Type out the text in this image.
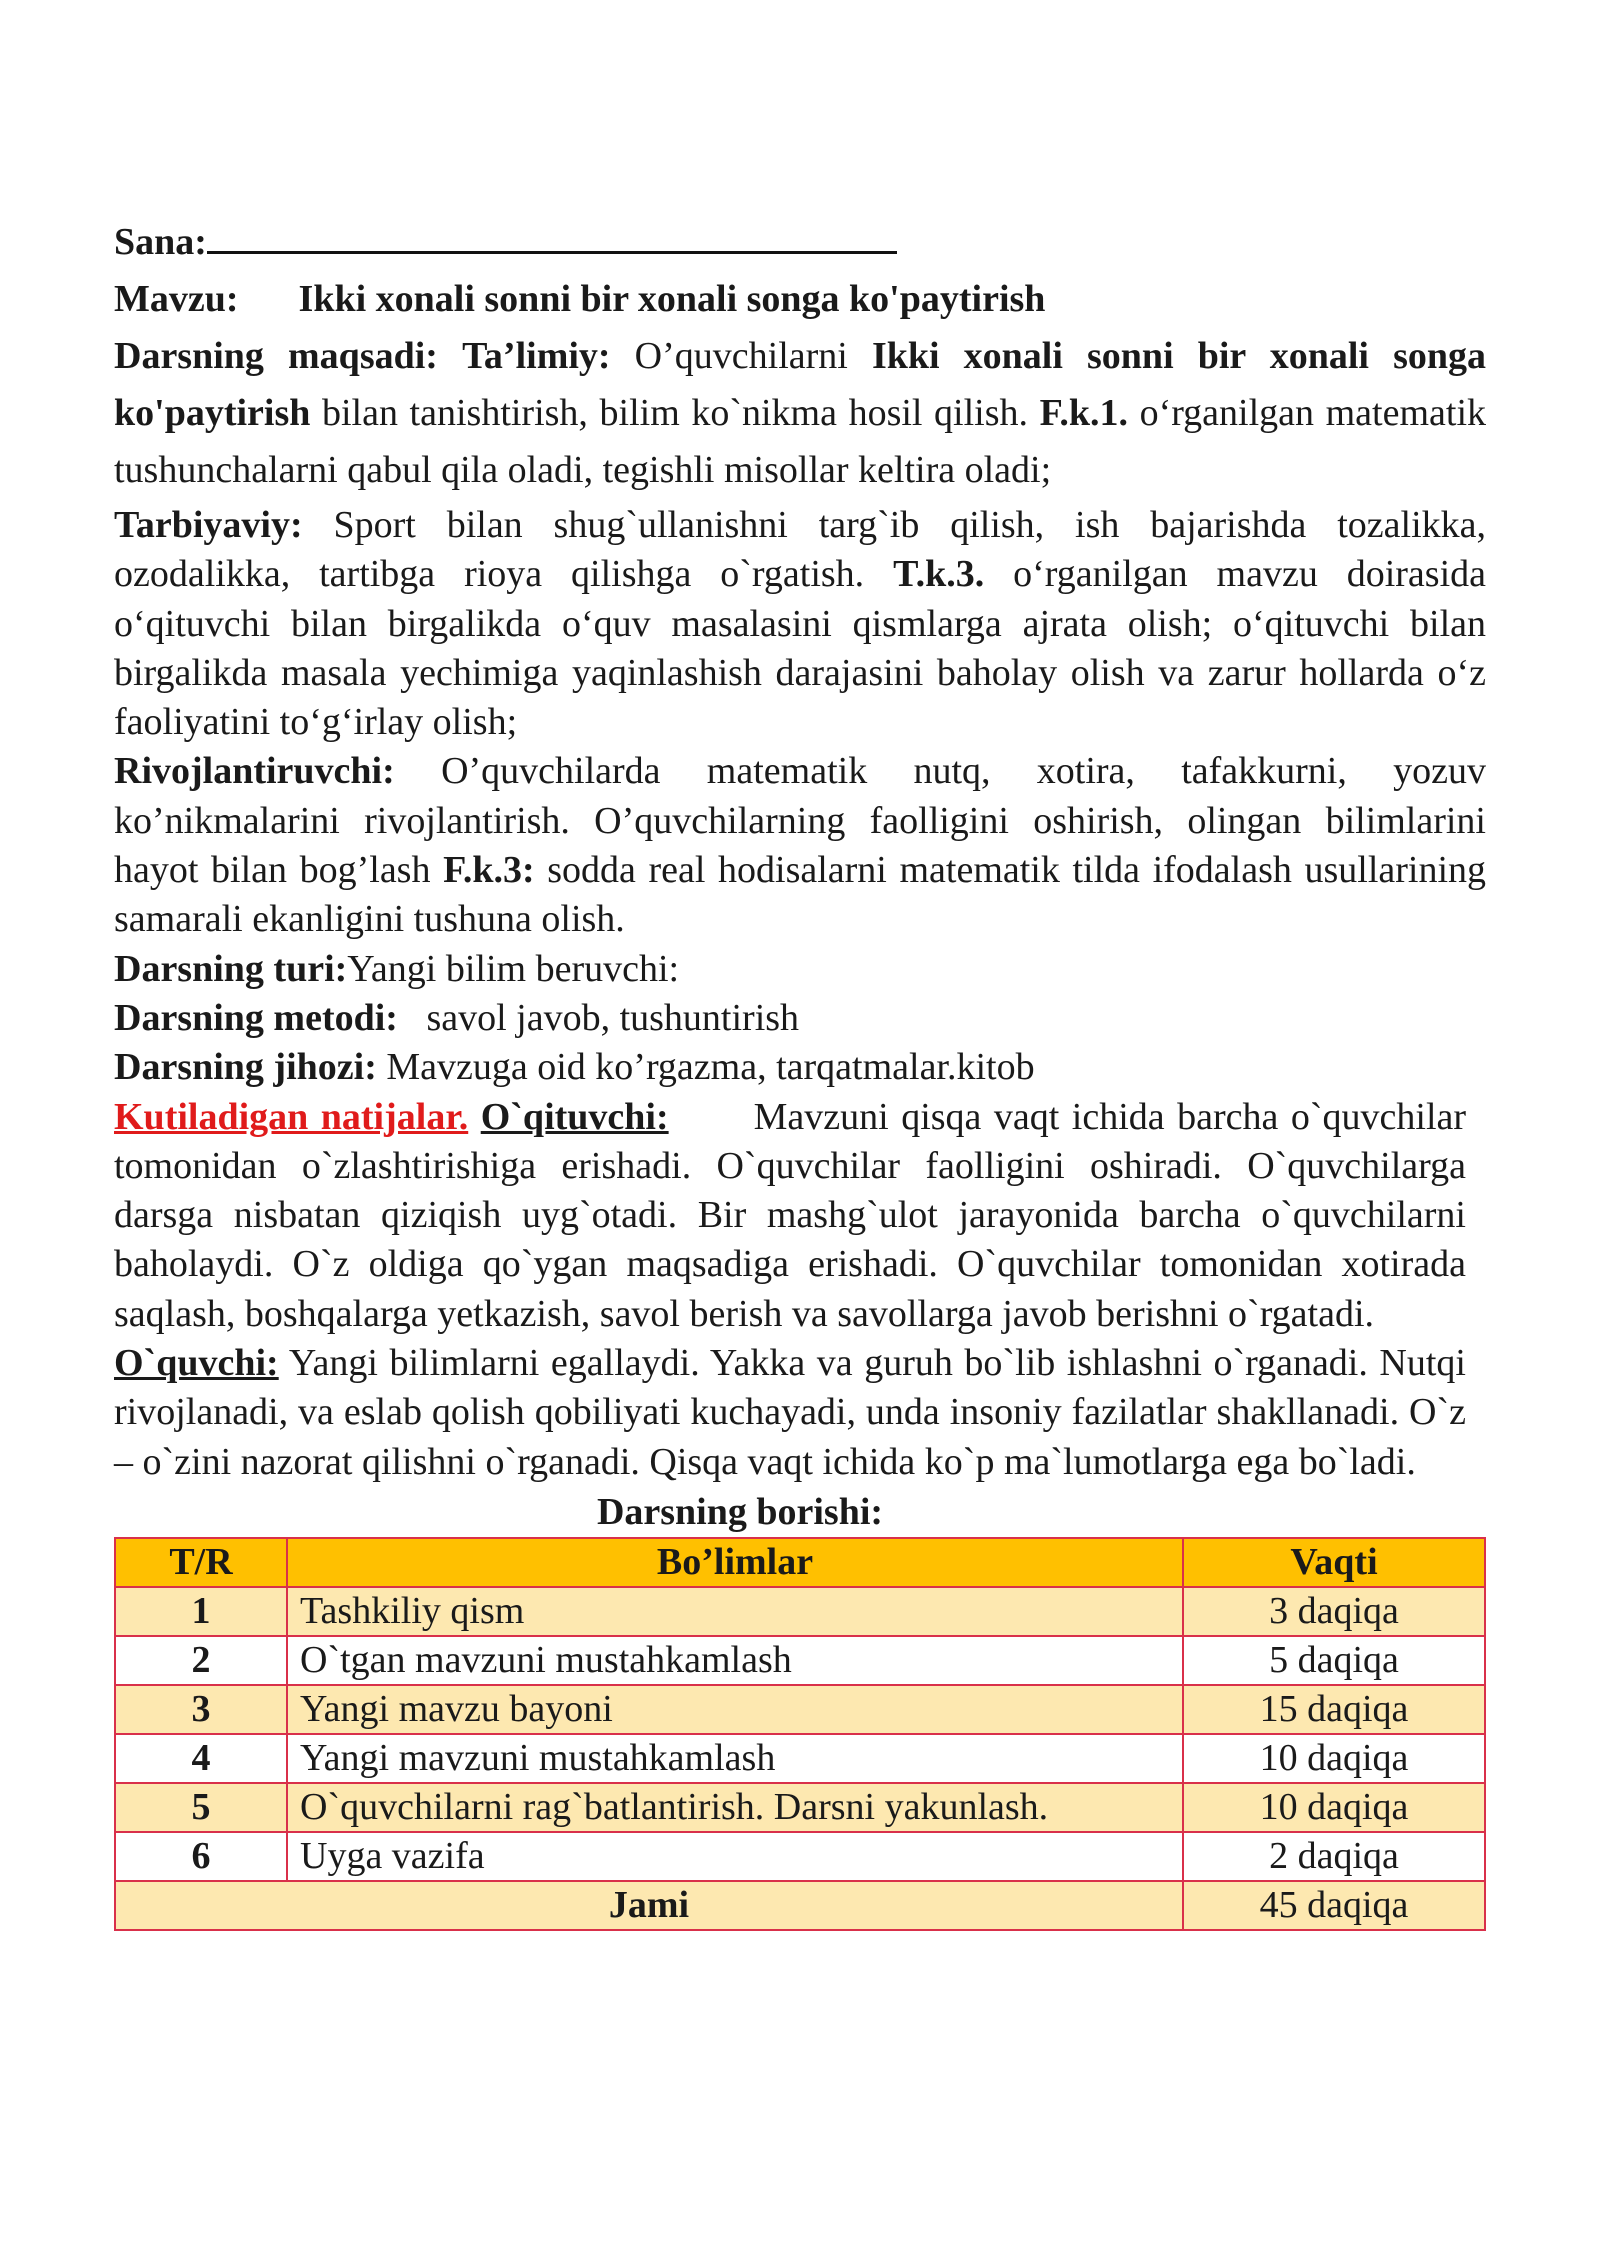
Sana:

Mavzu: Ikki xonali sonni bir xonali songa ko'paytirish

Darsning maqsadi: Ta’limiy: O’quvchilarni Ikki xonali sonni bir xonali songa ko'paytirish bilan tanishtirish, bilim ko`nikma hosil qilish. F.k.1. o‘rganilgan matematik tushunchalarni qabul qila oladi, tegishli misollar keltira oladi;

Tarbiyaviy: Sport bilan shug`ullanishni targ`ib qilish, ish bajarishda tozalikka, ozodalikka, tartibga rioya qilishga o`rgatish. T.k.3. o‘rganilgan mavzu doirasida o‘qituvchi bilan birgalikda o‘quv masalasini qismlarga ajrata olish; o‘qituvchi bilan birgalikda masala yechimiga yaqinlashish darajasini baholay olish va zarur hollarda o‘z faoliyatini to‘g‘irlay olish;

Rivojlantiruvchi: O’quvchilarda matematik nutq, xotira, tafakkurni, yozuv ko’nikmalarini rivojlantirish. O’quvchilarning faolligini oshirish, olingan bilimlarini hayot bilan bog’lash F.k.3: sodda real hodisalarni matematik tilda ifodalash usullarining samarali ekanligini tushuna olish.

Darsning turi:Yangi bilim beruvchi:

Darsning metodi: savol javob, tushuntirish

Darsning jihozi: Mavzuga oid ko’rgazma, tarqatmalar.kitob

Kutiladigan natijalar. O`qituvchi: Mavzuni qisqa vaqt ichida barcha o`quvchilar tomonidan o`zlashtirishiga erishadi. O`quvchilar faolligini oshiradi. O`quvchilarga darsga nisbatan qiziqish uyg`otadi. Bir mashg`ulot jarayonida barcha o`quvchilarni baholaydi. O`z oldiga qo`ygan maqsadiga erishadi. O`quvchilar tomonidan xotirada saqlash, boshqalarga yetkazish, savol berish va savollarga javob berishni o`rgatadi.

O`quvchi: Yangi bilimlarni egallaydi. Yakka va guruh bo`lib ishlashni o`rganadi. Nutqi rivojlanadi, va eslab qolish qobiliyati kuchayadi, unda insoniy fazilatlar shakllanadi. O`z – o`zini nazorat qilishni o`rganadi. Qisqa vaqt ichida ko`p ma`lumotlarga ega bo`ladi.

Darsning borishi:

T/R	Bo’limlar	Vaqti
1	Tashkiliy qism	3 daqiqa
2	O`tgan mavzuni mustahkamlash	5 daqiqa
3	Yangi mavzu bayoni	15 daqiqa
4	Yangi mavzuni mustahkamlash	10 daqiqa
5	O`quvchilarni rag`batlantirish. Darsni yakunlash.	10 daqiqa
6	Uyga vazifa	2 daqiqa
Jami		45 daqiqa
